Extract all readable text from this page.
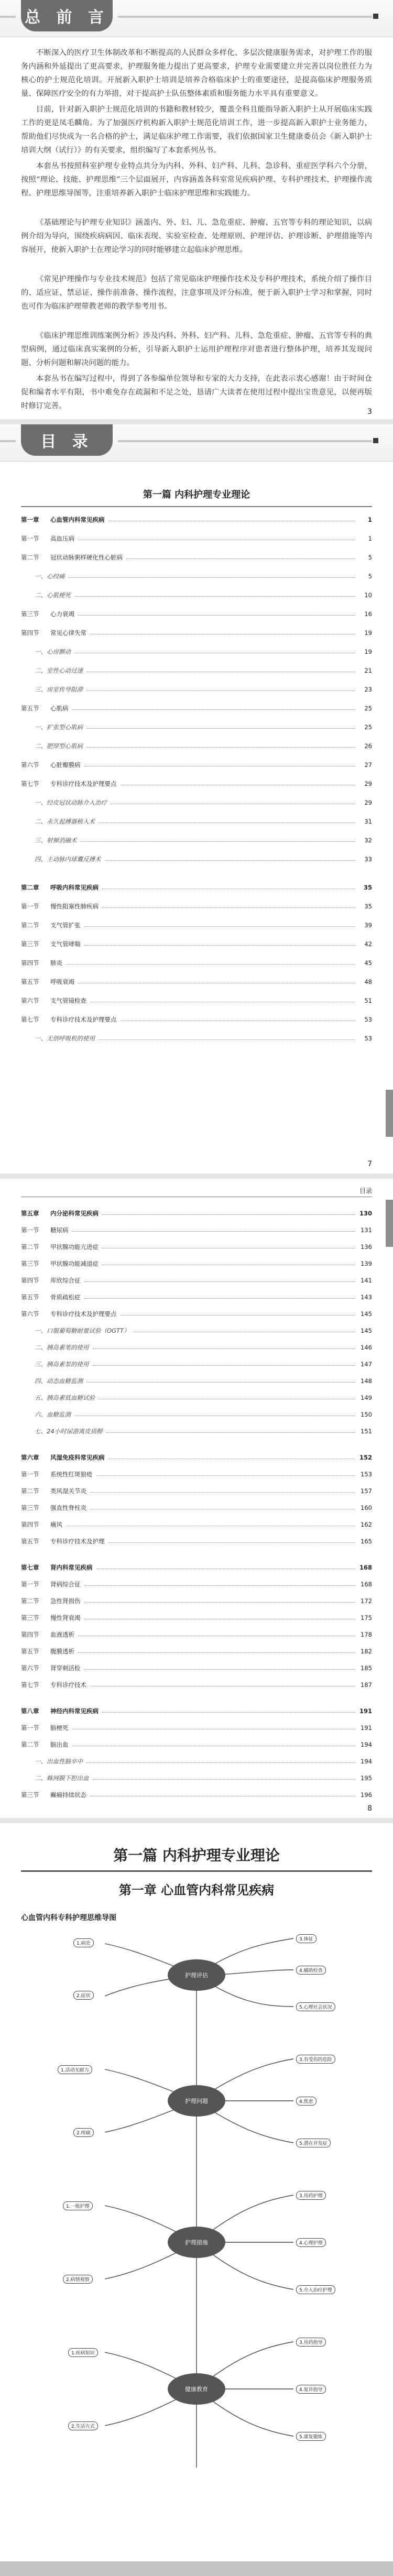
总 前 言
不断深入的医疗卫生体制改革和不断提高的人民群众多样化、多层次健康服务需求，对护理工作的服务内涵和外延提出了更高要求，护理服务能力提出了更高要求，护理专业需要建立并完善以岗位胜任力为核心的护士规范化培训。开展新入职护士培训是培养合格临床护士的重要途径，是提高临床护理服务质量、保障医疗安全的有力举措，对于提高护士队伍整体素质和服务能力水平具有重要意义。
目前，针对新入职护士规范化培训的书籍和教材较少，覆盖全科且能指导新入职护士从开展临床实践工作的更是凤毛麟角。为了加强医疗机构新入职护士规范化培训工作，进一步提高新入职护士业务能力，帮助他们尽快成为一名合格的护士，满足临床护理工作需要，我们依据国家卫生健康委员会《新入职护士培训大纲（试行）》的有关要求，组织编写了本套系列丛书。
本套丛书按照科室护理专业特点共分为内科、外科、妇产科、儿科、急诊科、重症医学科六个分册，按照“理论、技能、护理思维”三个层面展开，内容涵盖各科室常见疾病护理、专科护理技术、护理操作流程、护理思维导图等，注重培养新入职护士临床护理思维和实践能力。
《基础理论与护理专业知识》涵盖内、外、妇、儿、急危重症、肿瘤、五官等专科的理论知识，以病例介绍为导向，围绕疾病病因、临床表现、实验室检查、处理原则、护理评估、护理诊断、护理措施等内容展开，使新入职护士在理论学习的同时能够建立起临床护理思维。
《常见护理操作与专业技术规范》包括了常见临床护理操作技术及专科护理技术，系统介绍了操作目的、适应证、禁忌证、操作前准备、操作流程、注意事项及评分标准，便于新入职护士学习和掌握，同时也可作为临床护理带教老师的教学参考用书。
《临床护理思维训练案例分析》涉及内科、外科、妇产科、儿科、急危重症、肿瘤、五官等专科的典型病例，通过临床真实案例的分析，引导新入职护士运用护理程序对患者进行整体护理，培养其发现问题、分析问题和解决问题的能力。
本套丛书在编写过程中，得到了各参编单位领导和专家的大力支持，在此表示衷心感谢！由于时间仓促和编者水平有限，书中难免存在疏漏和不足之处，恳请广大读者在使用过程中提出宝贵意见，以便再版时修订完善。
3
目 录
第一篇 内科护理专业理论
第一章 心血管内科常见疾病	1
第一节 高血压病	1
第二节 冠状动脉粥样硬化性心脏病	5
一、心绞痛	5
二、心肌梗死	10
第三节 心力衰竭	16
第四节 常见心律失常	19
一、心房颤动	19
二、室性心动过速	21
三、房室传导阻滞	23
第五节 心肌病	25
一、扩张型心肌病	25
二、肥厚型心肌病	26
第六节 心脏瓣膜病	27
第七节 专科诊疗技术及护理要点	29
一、经皮冠状动脉介入治疗	29
二、永久起搏器植入术	31
三、射频消融术	32
四、主动脉内球囊反搏术	33
第二章 呼吸内科常见疾病	35
第一节 慢性阻塞性肺疾病	35
第二节 支气管扩张	39
第三节 支气管哮喘	42
第四节 肺炎	45
第五节 呼吸衰竭	48
第六节 支气管镜检查	51
第七节 专科诊疗技术及护理要点	53
一、无创呼吸机的使用	53
7
目录
第五章 内分泌科常见疾病	130
第一节 糖尿病	131
第二节 甲状腺功能亢进症	136
第三节 甲状腺功能减退症	139
第四节 库欣综合征	141
第五节 骨质疏松症	143
第六节 专科诊疗技术及护理要点	145
一、口服葡萄糖耐量试验（OGTT）	145
二、胰岛素笔的使用	146
三、胰岛素泵的使用	147
四、动态血糖监测	148
五、胰岛素低血糖试验	149
六、血糖监测	150
七、24小时尿游离皮质醇	151
第六章 风湿免疫科常见疾病	152
第一节 系统性红斑狼疮	153
第二节 类风湿关节炎	157
第三节 强直性脊柱炎	160
第四节 痛风	162
第五节 专科诊疗技术及护理	165
第七章 肾内科常见疾病	168
第一节 肾病综合征	168
第二节 急性肾损伤	172
第三节 慢性肾衰竭	175
第四节 血液透析	178
第五节 腹膜透析	182
第六节 肾穿刺活检	185
第七节 专科诊疗技术	187
第八章 神经内科常见疾病	191
第一节 脑梗死	191
第二节 脑出血	194
一、出血性脑卒中	194
二、蛛网膜下腔出血	195
第三节 癫痫持续状态	196
8
第一篇 内科护理专业理论
第一章 心血管内科常见疾病
心血管内科专科护理思维导图
护理评估
护理问题
护理措施
健康教育
1.病史
2.症状
3.体征
4.辅助检查
5.心理社会状况
1.活动无耐力
2.疼痛
3.有受伤的危险
4.焦虑
5.潜在并发症
1.一般护理
2.病情观察
3.用药护理
4.心理护理
5.介入治疗护理
1.疾病知识
2.生活方式
3.用药指导
4.复诊指导
5.康复锻炼
